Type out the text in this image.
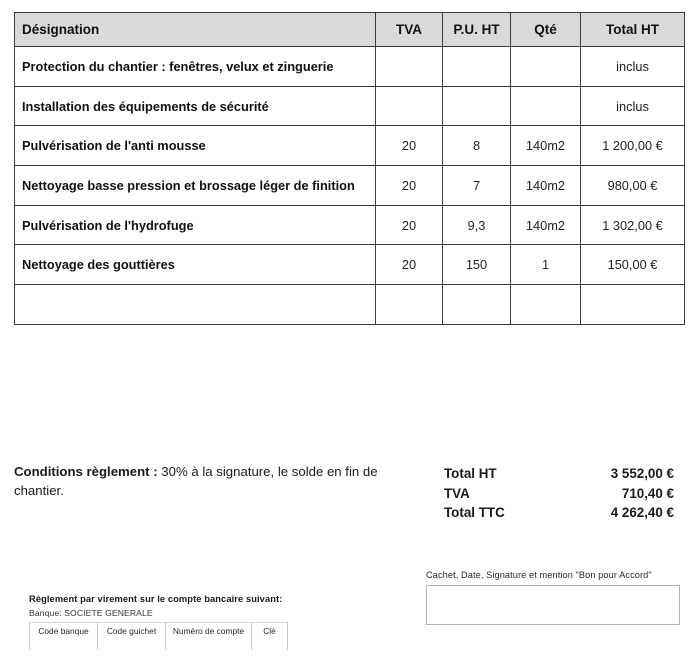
Désignation	TVA	P.U. HT	Qté	Total HT
Protection du chantier : fenêtres, velux et zinguerie				inclus
Installation des équipements de sécurité				inclus
Pulvérisation de l'anti mousse	20	8	140m2	1 200,00 €
Nettoyage basse pression et brossage léger de finition	20	7	140m2	980,00 €
Pulvérisation de l'hydrofuge	20	9,3	140m2	1 302,00 €
Nettoyage des gouttières	20	150	1	150,00 €

Conditions règlement : 30% à la signature, le solde en fin de chantier.
Total HT	3 552,00 €
TVA	710,40 €
Total TTC	4 262,40 €
Règlement par virement sur le compte bancaire suivant:
Banque: SOCIETE GENERALE
Code banque	Code guichet	Numéro de compte	Clé

Cachet, Date, Signature et mention "Bon pour Accord"
